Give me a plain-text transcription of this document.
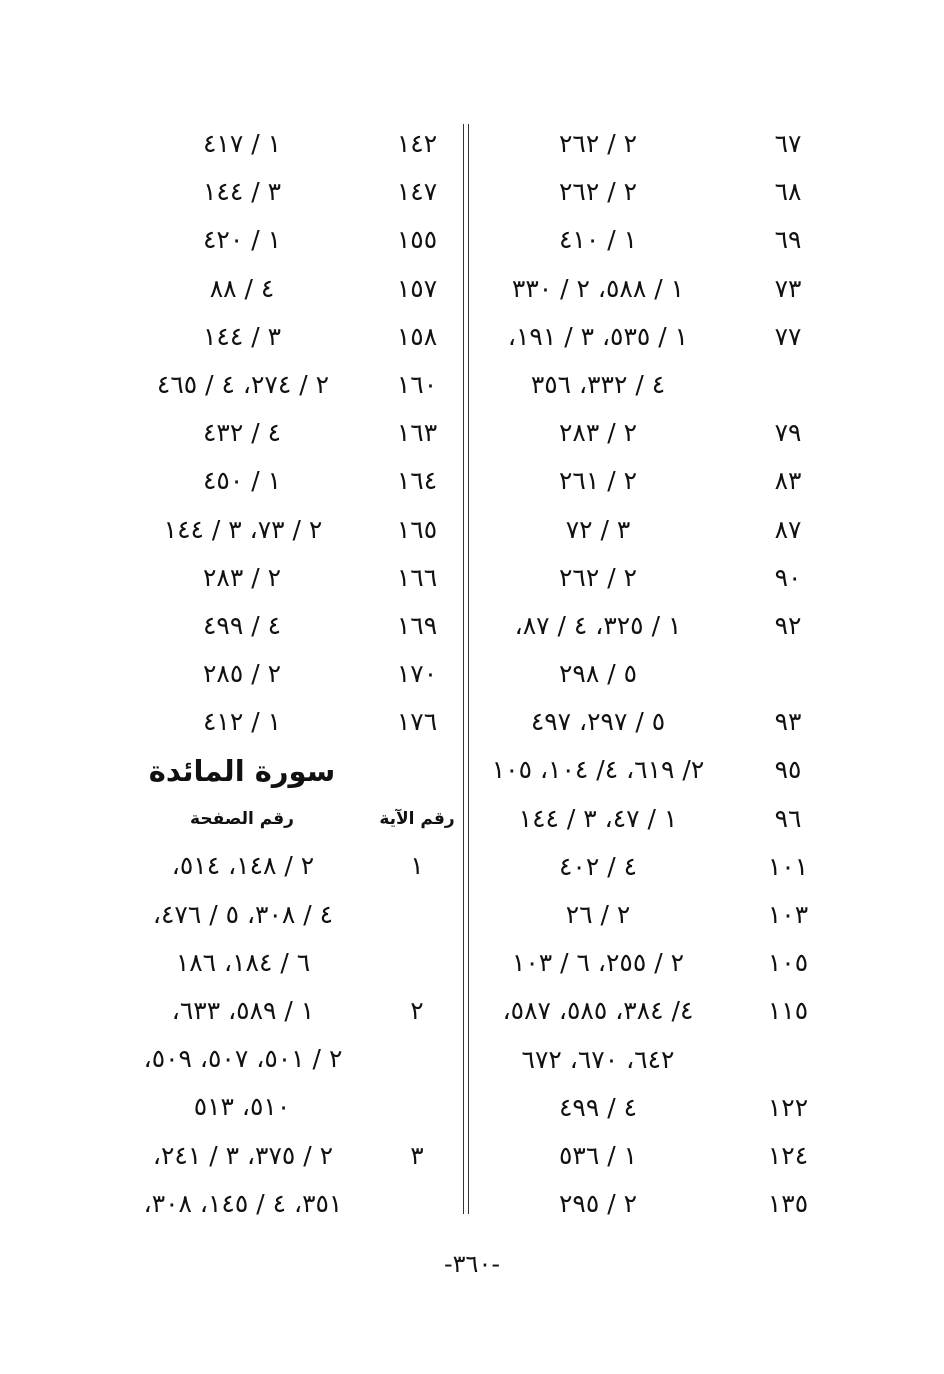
٦٧
٢ / ٢٦٢
٦٨
٢ / ٢٦٢
٦٩
١ / ٤١٠
٧٣
١ / ٥٨٨، ٢ / ٣٣٠
٧٧
١ / ٥٣٥، ٣ / ١٩١،
٤ / ٣٣٢، ٣٥٦
٧٩
٢ / ٢٨٣
٨٣
٢ / ٢٦١
٨٧
٣ / ٧٢
٩٠
٢ / ٢٦٢
٩٢
١ / ٣٢٥، ٤ / ٨٧،
٥ / ٢٩٨
٩٣
٥ / ٢٩٧، ٤٩٧
٩٥
٢/ ٦١٩، ٤/ ١٠٤، ١٠٥
٩٦
١ / ٤٧، ٣ / ١٤٤
١٠١
٤ / ٤٠٢
١٠٣
٢ / ٢٦
١٠٥
٢ / ٢٥٥، ٦ / ١٠٣
١١٥
٤/ ٣٨٤، ٥٨٥، ٥٨٧،
٦٤٢، ٦٧٠، ٦٧٢
١٢٢
٤ / ٤٩٩
١٢٤
١ / ٥٣٦
١٣٥
٢ / ٢٩٥
١٤٢
١ / ٤١٧
١٤٧
٣ / ١٤٤
١٥٥
١ / ٤٢٠
١٥٧
٤ / ٨٨
١٥٨
٣ / ١٤٤
١٦٠
٢ / ٢٧٤، ٤ / ٤٦٥
١٦٣
٤ / ٤٣٢
١٦٤
١ / ٤٥٠
١٦٥
٢ / ٧٣، ٣ / ١٤٤
١٦٦
٢ / ٢٨٣
١٦٩
٤ / ٤٩٩
١٧٠
٢ / ٢٨٥
١٧٦
١ / ٤١٢
سورة المائدة
رقم الآية
رقم الصفحة
١
٢ / ١٤٨، ٥١٤،
٤ / ٣٠٨، ٥ / ٤٧٦،
٦ / ١٨٤، ١٨٦
٢
١ / ٥٨٩، ٦٣٣،
٢ / ٥٠١، ٥٠٧، ٥٠٩،
٥١٠، ٥١٣
٣
٢ / ٣٧٥، ٣ / ٢٤١،
٣٥١، ٤ / ١٤٥، ٣٠٨،
-٣٦٠-
